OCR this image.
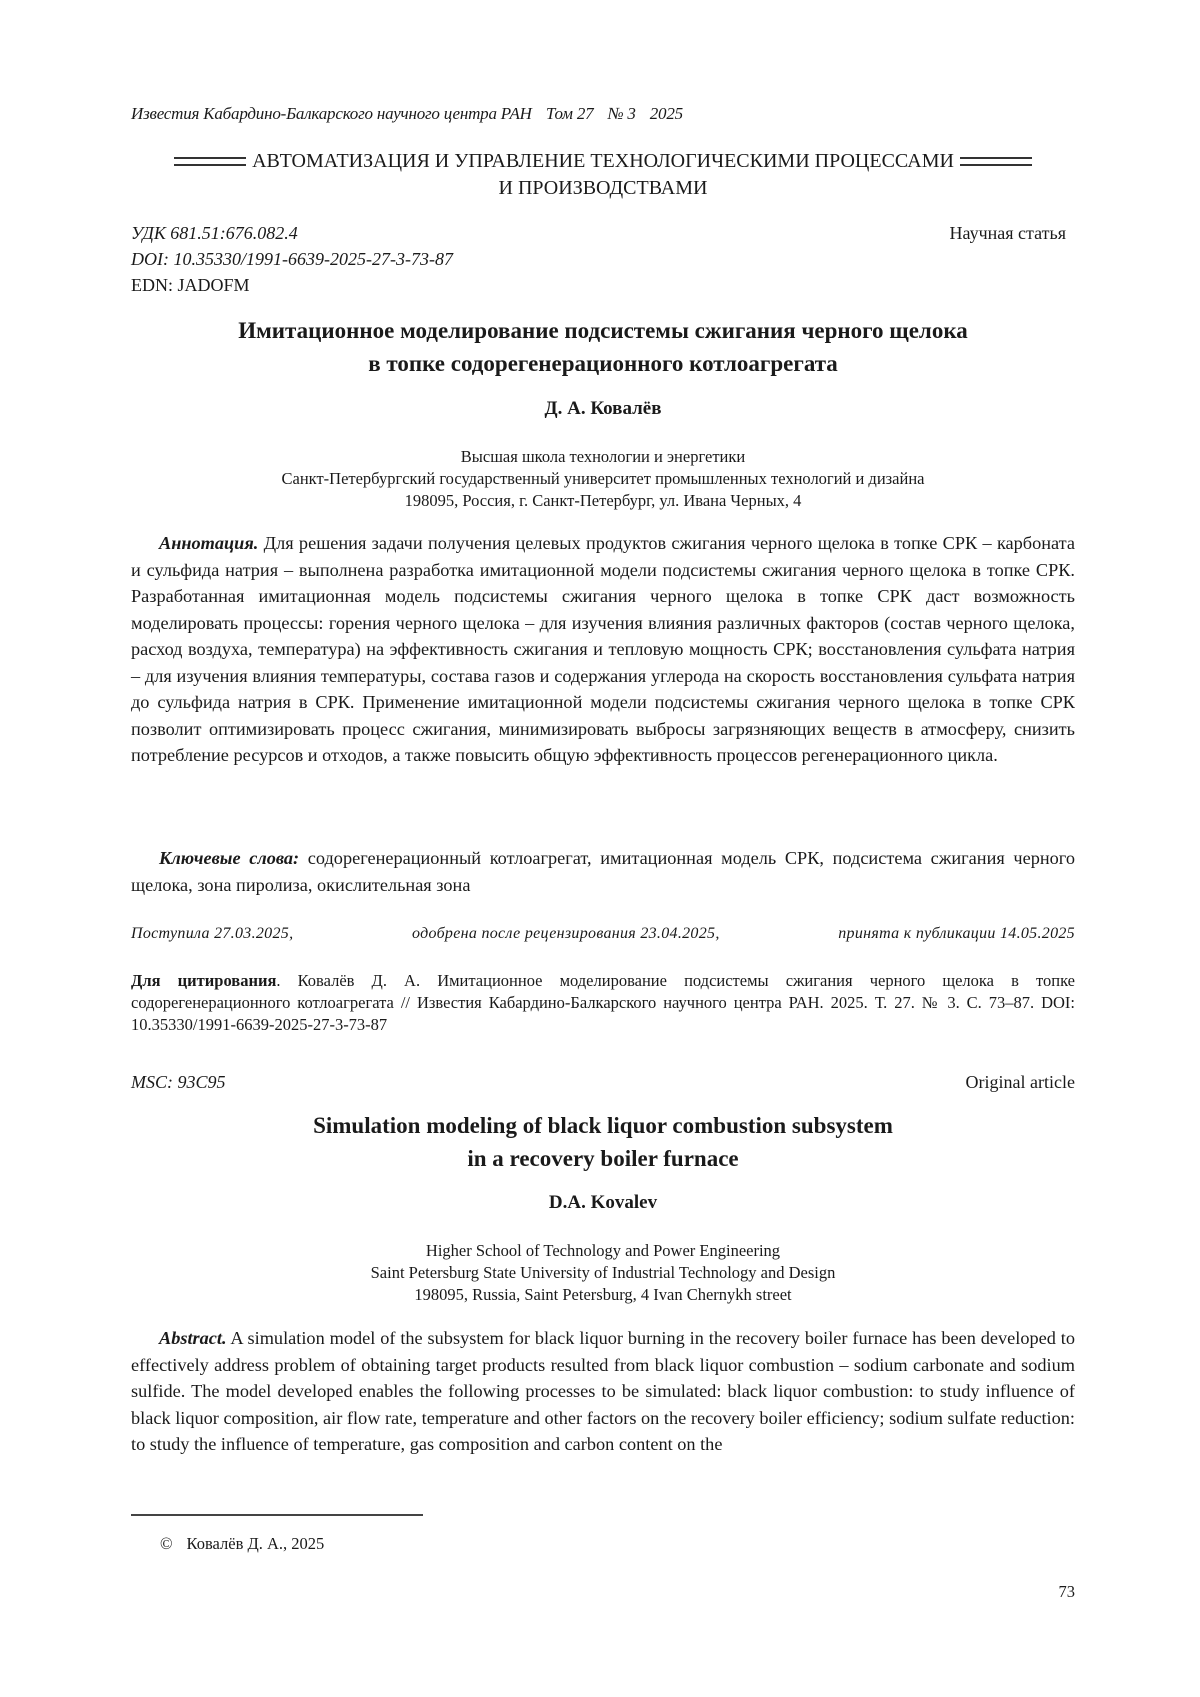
Известия Кабардино-Балкарского научного центра РАН Том 27 № 3 2025
АВТОМАТИЗАЦИЯ И УПРАВЛЕНИЕ ТЕХНОЛОГИЧЕСКИМИ ПРОЦЕССАМИ
И ПРОИЗВОДСТВАМИ
УДК 681.51:676.082.4
DOI: 10.35330/1991-6639-2025-27-3-73-87
EDN: JADOFM
Научная статья
Имитационное моделирование подсистемы сжигания черного щелока
в топке содорегенерационного котлоагрегата
Д. А. Ковалёв
Высшая школа технологии и энергетики
Санкт-Петербургский государственный университет промышленных технологий и дизайна
198095, Россия, г. Санкт-Петербург, ул. Ивана Черных, 4
Аннотация. Для решения задачи получения целевых продуктов сжигания черного щелока в топке СРК – карбоната и сульфида натрия – выполнена разработка имитационной модели подсистемы сжигания черного щелока в топке СРК. Разработанная имитационная модель подсистемы сжигания черного щелока в топке СРК даст возможность моделировать процессы: горения черного щелока – для изучения влияния различных факторов (состав черного щелока, расход воздуха, температура) на эффективность сжигания и тепловую мощность СРК; восстановления сульфата натрия – для изучения влияния температуры, состава газов и содержания углерода на скорость восстановления сульфата натрия до сульфида натрия в СРК. Применение имитационной модели подсистемы сжигания черного щелока в топке СРК позволит оптимизировать процесс сжигания, минимизировать выбросы загрязняющих веществ в атмосферу, снизить потребление ресурсов и отходов, а также повысить общую эффективность процессов регенерационного цикла.
Ключевые слова: содорегенерационный котлоагрегат, имитационная модель СРК, подсистема сжигания черного щелока, зона пиролиза, окислительная зона
Поступила 27.03.2025,	одобрена после рецензирования 23.04.2025,	принята к публикации 14.05.2025
Для цитирования. Ковалёв Д. А. Имитационное моделирование подсистемы сжигания черного щелока в топке содорегенерационного котлоагрегата // Известия Кабардино-Балкарского научного центра РАН. 2025. Т. 27. № 3. С. 73–87. DOI: 10.35330/1991-6639-2025-27-3-73-87
MSC: 93C95	Original article
Simulation modeling of black liquor combustion subsystem
in a recovery boiler furnace
D.A. Kovalev
Higher School of Technology and Power Engineering
Saint Petersburg State University of Industrial Technology and Design
198095, Russia, Saint Petersburg, 4 Ivan Chernykh street
Abstract. A simulation model of the subsystem for black liquor burning in the recovery boiler furnace has been developed to effectively address problem of obtaining target products resulted from black liquor combustion – sodium carbonate and sodium sulfide. The model developed enables the following processes to be simulated: black liquor combustion: to study influence of black liquor composition, air flow rate, temperature and other factors on the recovery boiler efficiency; sodium sulfate reduction: to study the influence of temperature, gas composition and carbon content on the
© Ковалёв Д. А., 2025
73
